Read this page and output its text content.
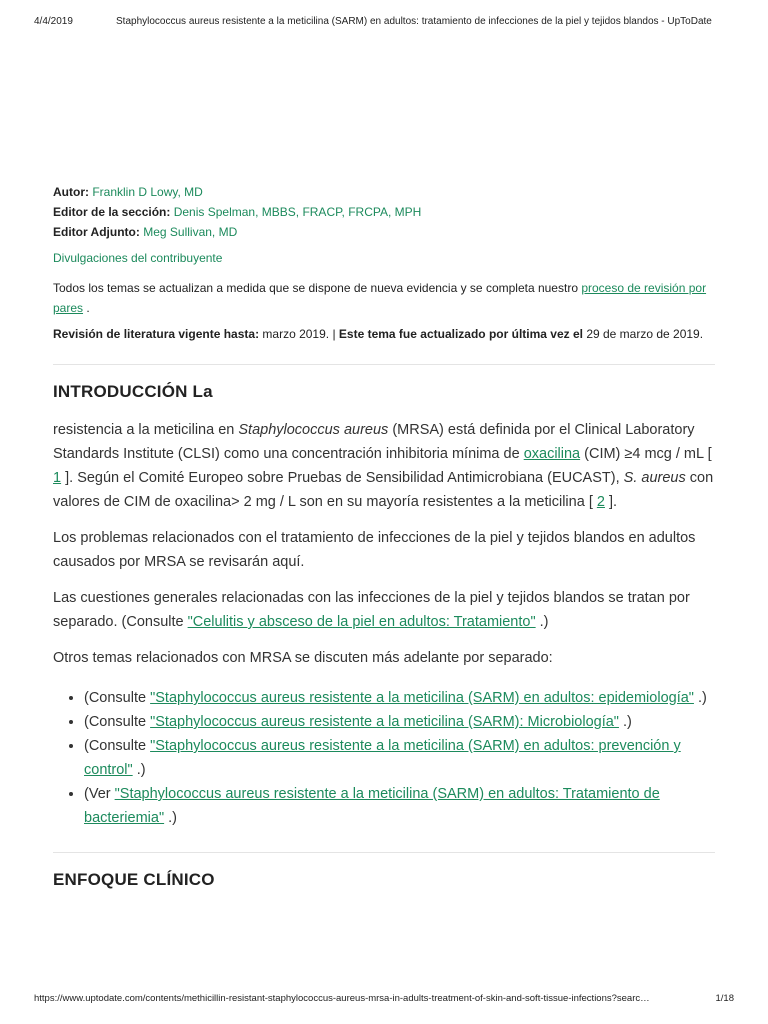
4/4/2019	Staphylococcus aureus resistente a la meticilina (SARM) en adultos: tratamiento de infecciones de la piel y tejidos blandos - UpToDate
Autor: Franklin D Lowy, MD
Editor de la sección: Denis Spelman, MBBS, FRACP, FRCPA, MPH
Editor Adjunto: Meg Sullivan, MD
Divulgaciones del contribuyente
Todos los temas se actualizan a medida que se dispone de nueva evidencia y se completa nuestro proceso de revisión por pares .
Revisión de literatura vigente hasta: marzo 2019. | Este tema fue actualizado por última vez el 29 de marzo de 2019.
INTRODUCCIÓN La

resistencia a la meticilina en Staphylococcus aureus (MRSA) está definida por el Clinical Laboratory Standards Institute (CLSI) como una concentración inhibitoria mínima de oxacilina (CIM) ≥4 mcg / mL [ 1 ]. Según el Comité Europeo sobre Pruebas de Sensibilidad Antimicrobiana (EUCAST), S. aureus con valores de CIM de oxacilina> 2 mg / L son en su mayoría resistentes a la meticilina [ 2 ].

Los problemas relacionados con el tratamiento de infecciones de la piel y tejidos blandos en adultos causados por MRSA se revisarán aquí.

Las cuestiones generales relacionadas con las infecciones de la piel y tejidos blandos se tratan por separado. (Consulte "Celulitis y absceso de la piel en adultos: Tratamiento" .)

Otros temas relacionados con MRSA se discuten más adelante por separado:

• (Consulte "Staphylococcus aureus resistente a la meticilina (SARM) en adultos: epidemiología" .)
• (Consulte "Staphylococcus aureus resistente a la meticilina (SARM): Microbiología" .)
• (Consulte "Staphylococcus aureus resistente a la meticilina (SARM) en adultos: prevención y control" .)
• (Ver "Staphylococcus aureus resistente a la meticilina (SARM) en adultos: Tratamiento de bacteriemia" .)
ENFOQUE CLÍNICO
https://www.uptodate.com/contents/methicillin-resistant-staphylococcus-aureus-mrsa-in-adults-treatment-of-skin-and-soft-tissue-infections?searc…	1/18
